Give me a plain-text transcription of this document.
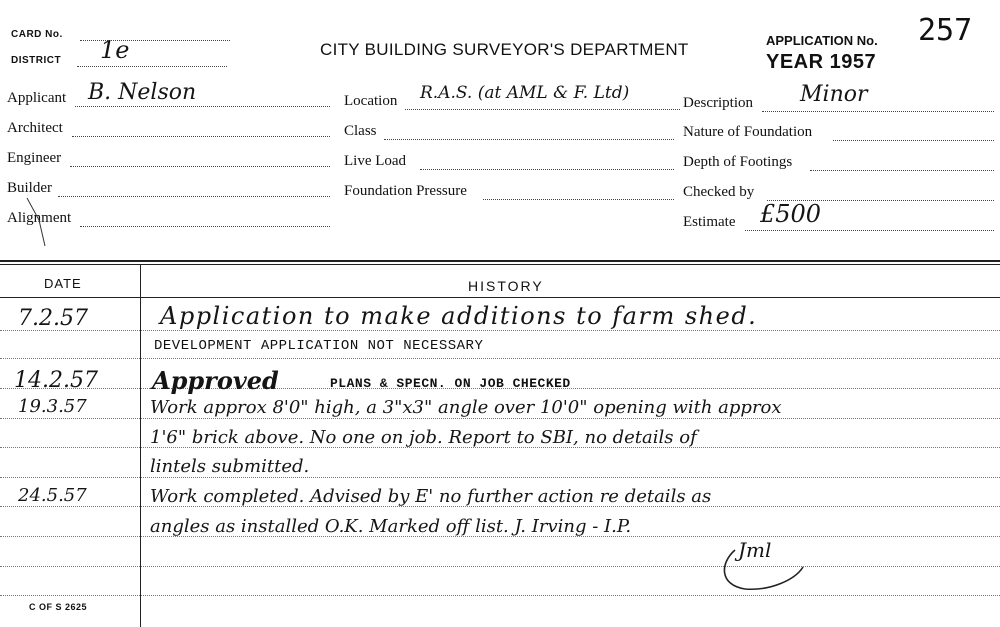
CARD No.
DISTRICT 1e	CITY BUILDING SURVEYOR'S DEPARTMENT	APPLICATION No. 257
YEAR 1957
Applicant B. Nelson
Architect
Engineer
Builder
Alignment
Location R.A.S. (at AML & F. Ltd)
Class
Live Load
Foundation Pressure
Description Minor
Nature of Foundation
Depth of Footings
Checked by
Estimate £500
DATE	HISTORY
7.2.57	Application to make additions to farm shed.
DEVELOPMENT APPLICATION NOT NECESSARY
14.2.57 Approved	PLANS & SPECN. ON JOB CHECKED
19.3.57	Work approx 8'0" high, a 3"x3" angle over 10'0" opening with approx
1'6" brick above. No one on job. Report to SBI, no details of
lintels submitted.
24.5.57	Work completed. Advised by E' no further action re details as
angles as installed O.K. Marked off list. J. Irving - I.P.
Jml
C OF S 2625
